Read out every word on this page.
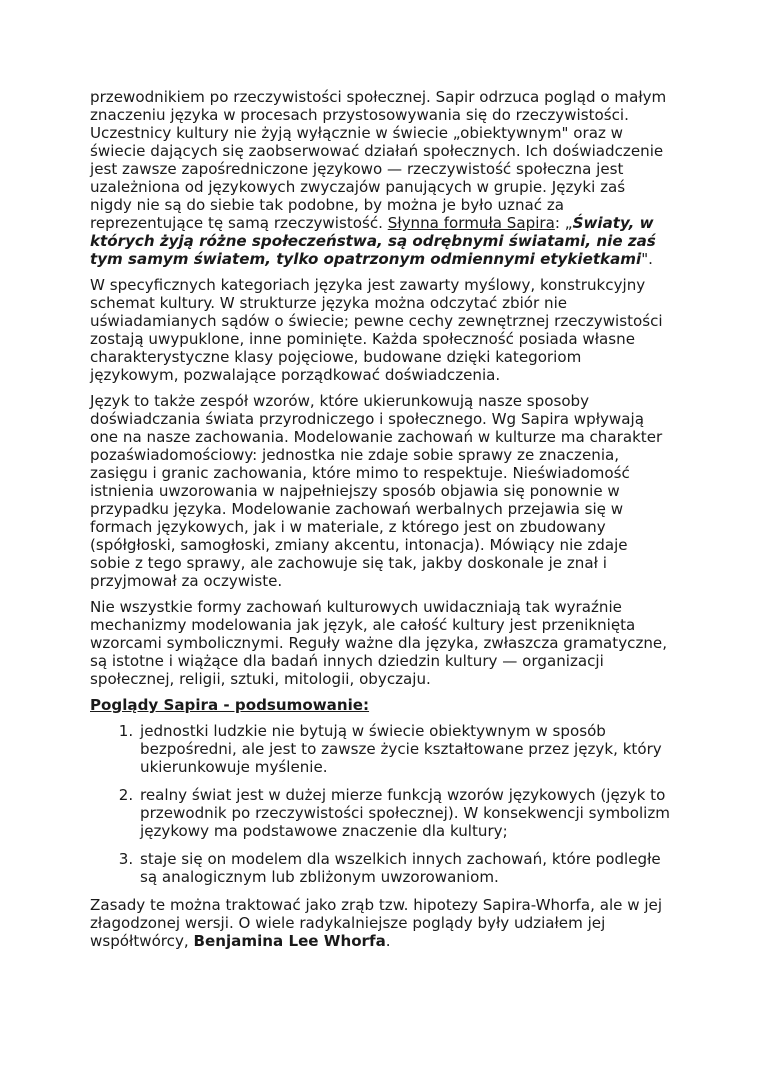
przewodnikiem po rzeczywistości społecznej. Sapir odrzuca pogląd o małym znaczeniu języka w procesach przystosowywania się do rzeczywistości. Uczestnicy kultury nie żyją wyłącznie w świecie „obiektywnym" oraz w świecie dających się zaobserwować działań społecznych. Ich doświadczenie jest zawsze zapośredniczone językowo — rzeczywistość społeczna jest uzależniona od językowych zwyczajów panujących w grupie. Języki zaś nigdy nie są do siebie tak podobne, by można je było uznać za reprezentujące tę samą rzeczywistość. Słynna formuła Sapira: „Światy, w których żyją różne społeczeństwa, są odrębnymi światami, nie zaś tym samym światem, tylko opatrzonym odmiennymi etykietkami".

W specyficznych kategoriach języka jest zawarty myślowy, konstrukcyjny schemat kultury. W strukturze języka można odczytać zbiór nie uświadamianych sądów o świecie; pewne cechy zewnętrznej rzeczywistości zostają uwypuklone, inne pominięte. Każda społeczność posiada własne charakterystyczne klasy pojęciowe, budowane dzięki kategoriom językowym, pozwalające porządkować doświadczenia.

Język to także zespół wzorów, które ukierunkowują nasze sposoby doświadczania świata przyrodniczego i społecznego. Wg Sapira wpływają one na nasze zachowania. Modelowanie zachowań w kulturze ma charakter pozaświadomościowy: jednostka nie zdaje sobie sprawy ze znaczenia, zasięgu i granic zachowania, które mimo to respektuje. Nieświadomość istnienia uwzorowania w najpełniejszy sposób objawia się ponownie w przypadku języka. Modelowanie zachowań werbalnych przejawia się w formach językowych, jak i w materiale, z którego jest on zbudowany (spółgłoski, samogłoski, zmiany akcentu, intonacja). Mówiący nie zdaje sobie z tego sprawy, ale zachowuje się tak, jakby doskonale je znał i przyjmował za oczywiste.

Nie wszystkie formy zachowań kulturowych uwidaczniają tak wyraźnie mechanizmy modelowania jak język, ale całość kultury jest przeniknięta wzorcami symbolicznymi. Reguły ważne dla języka, zwłaszcza gramatyczne, są istotne i wiążące dla badań innych dziedzin kultury — organizacji społecznej, religii, sztuki, mitologii, obyczaju.

Poglądy Sapira - podsumowanie:
1. jednostki ludzkie nie bytują w świecie obiektywnym w sposób bezpośredni, ale jest to zawsze życie kształtowane przez język, który ukierunkowuje myślenie.
2. realny świat jest w dużej mierze funkcją wzorów językowych (język to przewodnik po rzeczywistości społecznej). W konsekwencji symbolizm językowy ma podstawowe znaczenie dla kultury;
3. staje się on modelem dla wszelkich innych zachowań, które podległe są analogicznym lub zbliżonym uwzorowaniom.

Zasady te można traktować jako zrąb tzw. hipotezy Sapira-Whorfa, ale w jej złagodzonej wersji. O wiele radykalniejsze poglądy były udziałem jej współtwórcy, Benjamina Lee Whorfa.
